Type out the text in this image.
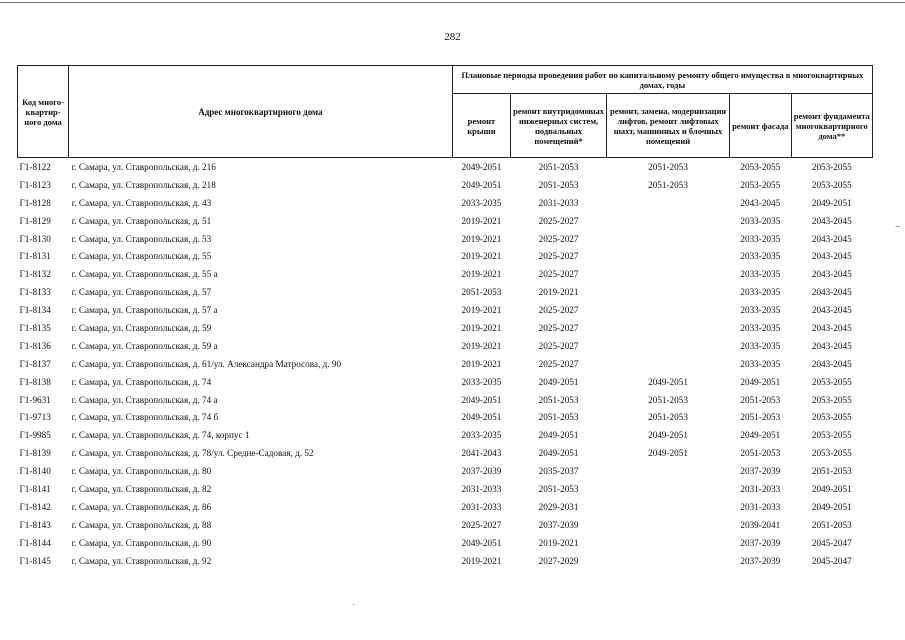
282
Код много-квартир-ного дома	Адрес многоквартирного дома	Плановые периоды проведения работ по капитальному ремонту общего имущества в многоквартирных домах, годы				
		ремонт крыши	ремонт внутридомовых инженерных систем, подвальных помещений*	ремонт, замена, модернизация лифтов, ремонт лифтовых шахт, машинных и блочных помещений	ремонт фасада	ремонт фундамента многоквартирного дома**
Г1-8122	г. Самара, ул. Ставропольская, д. 216	2049-2051	2051-2053	2051-2053	2053-2055	2053-2055
Г1-8123	г. Самара, ул. Ставропольская, д. 218	2049-2051	2051-2053	2051-2053	2053-2055	2053-2055
Г1-8128	г. Самара, ул. Ставропольская, д. 43	2033-2035	2031-2033		2043-2045	2049-2051
Г1-8129	г. Самара, ул. Ставропольская, д. 51	2019-2021	2025-2027		2033-2035	2043-2045
Г1-8130	г. Самара, ул. Ставропольская, д. 53	2019-2021	2025-2027		2033-2035	2043-2045
Г1-8131	г. Самара, ул. Ставропольская, д. 55	2019-2021	2025-2027		2033-2035	2043-2045
Г1-8132	г. Самара, ул. Ставропольская, д. 55 а	2019-2021	2025-2027		2033-2035	2043-2045
Г1-8133	г. Самара, ул. Ставропольская, д. 57	2051-2053	2019-2021		2033-2035	2043-2045
Г1-8134	г. Самара, ул. Ставропольская, д. 57 а	2019-2021	2025-2027		2033-2035	2043-2045
Г1-8135	г. Самара, ул. Ставропольская, д. 59	2019-2021	2025-2027		2033-2035	2043-2045
Г1-8136	г. Самара, ул. Ставропольская, д. 59 а	2019-2021	2025-2027		2033-2035	2043-2045
Г1-8137	г. Самара, ул. Ставропольская, д. 61/ул. Александра Матросова, д. 90	2019-2021	2025-2027		2033-2035	2043-2045
Г1-8138	г. Самара, ул. Ставропольская, д. 74	2033-2035	2049-2051	2049-2051	2049-2051	2053-2055
Г1-9631	г. Самара, ул. Ставропольская, д. 74 а	2049-2051	2051-2053	2051-2053	2051-2053	2053-2055
Г1-9713	г. Самара, ул. Ставропольская, д. 74 б	2049-2051	2051-2053	2051-2053	2051-2053	2053-2055
Г1-9985	г. Самара, ул. Ставропольская, д. 74, корпус 1	2033-2035	2049-2051	2049-2051	2049-2051	2053-2055
Г1-8139	г. Самара, ул. Ставропольская, д. 78/ул. Средне-Садовая, д. 52	2041-2043	2049-2051	2049-2051	2051-2053	2053-2055
Г1-8140	г. Самара, ул. Ставропольская, д. 80	2037-2039	2035-2037		2037-2039	2051-2053
Г1-8141	г. Самара, ул. Ставропольская, д. 82	2031-2033	2051-2053		2031-2033	2049-2051
Г1-8142	г. Самара, ул. Ставропольская, д. 86	2031-2033	2029-2031		2031-2033	2049-2051
Г1-8143	г. Самара, ул. Ставропольская, д. 88	2025-2027	2037-2039		2039-2041	2051-2053
Г1-8144	г. Самара, ул. Ставропольская, д. 90	2049-2051	2019-2021		2037-2039	2045-2047
Г1-8145	г. Самара, ул. Ставропольская, д. 92	2019-2021	2027-2029		2037-2039	2045-2047
·
−
